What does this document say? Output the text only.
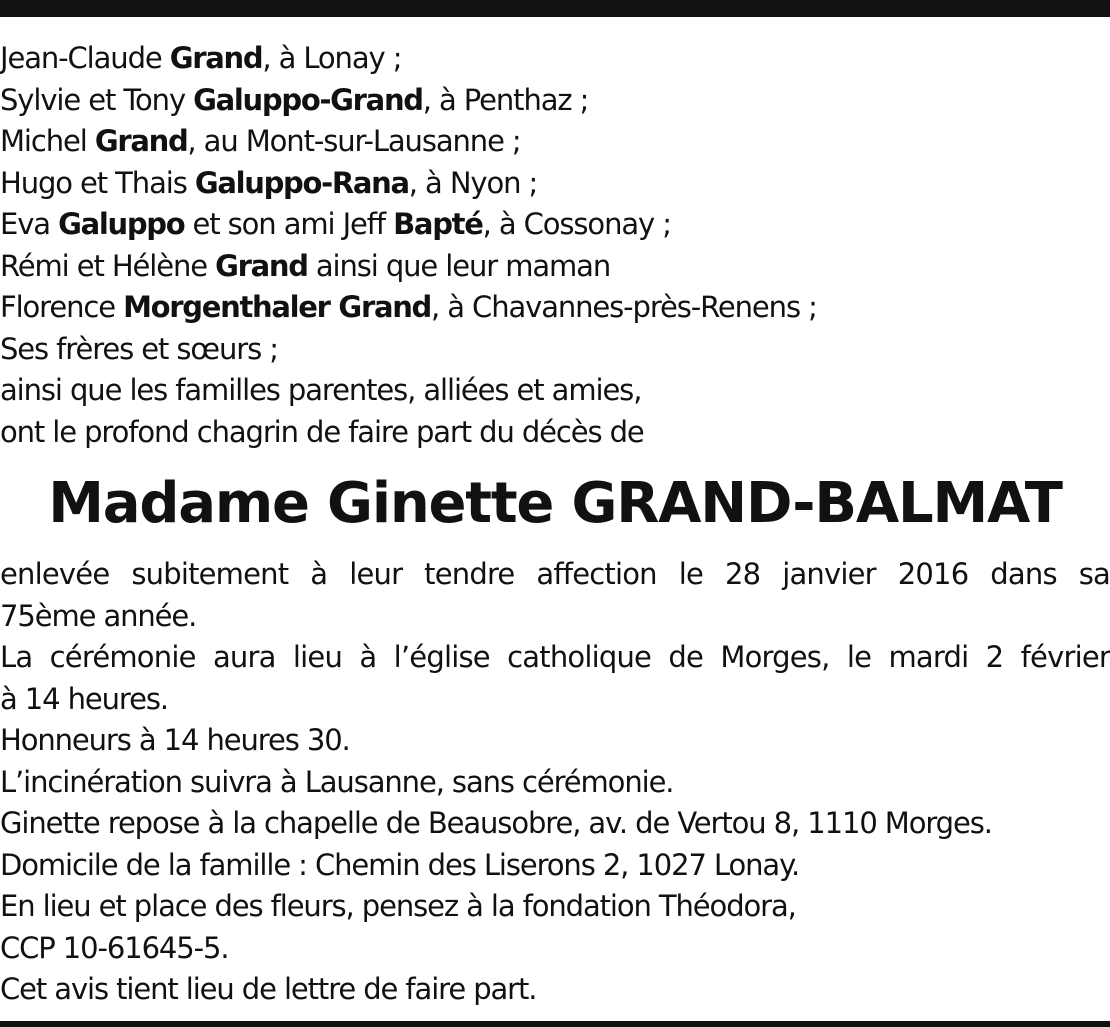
Jean-Claude Grand, à Lonay ;
Sylvie et Tony Galuppo-Grand, à Penthaz ;
Michel Grand, au Mont-sur-Lausanne ;
Hugo et Thais Galuppo-Rana, à Nyon ;
Eva Galuppo et son ami Jeff Bapté, à Cossonay ;
Rémi et Hélène Grand ainsi que leur maman
Florence Morgenthaler Grand, à Chavannes-près-Renens ;
Ses frères et sœurs ;
ainsi que les familles parentes, alliées et amies,
ont le profond chagrin de faire part du décès de
Madame Ginette GRAND-BALMAT
enlevée subitement à leur tendre affection le 28 janvier 2016 dans sa
75ème année.
La cérémonie aura lieu à l’église catholique de Morges, le mardi 2 février
à 14 heures.
Honneurs à 14 heures 30.
L’incinération suivra à Lausanne, sans cérémonie.
Ginette repose à la chapelle de Beausobre, av. de Vertou 8, 1110 Morges.
Domicile de la famille : Chemin des Liserons 2, 1027 Lonay.
En lieu et place des fleurs, pensez à la fondation Théodora,
CCP 10-61645-5.
Cet avis tient lieu de lettre de faire part.
